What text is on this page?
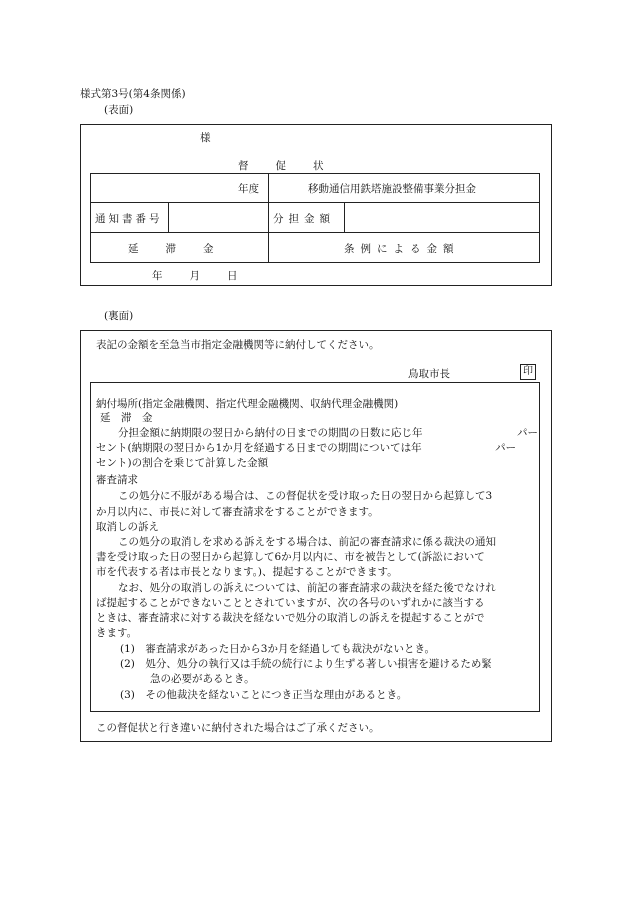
様式第3号(第4条関係)
(表面)
様
督　　促　　状
年度	移動通信用鉄塔施設整備事業分担金
通知書番号	分担金額
延　　滞　　金	条例による金額
年　　月　　日
(裏面)
表記の金額を至急当市指定金融機関等に納付してください。
鳥取市長	印
納付場所(指定金融機関、指定代理金融機関、収納代理金融機関)
延　滞　金
分担金額に納期限の翌日から納付の日までの期間の日数に応じ年　　　　　　　　　パー
セント(納期限の翌日から1か月を経過する日までの期間については年　　　　　　　パー
セント)の割合を乗じて計算した金額
審査請求
この処分に不服がある場合は、この督促状を受け取った日の翌日から起算して3
か月以内に、市長に対して審査請求をすることができます。
取消しの訴え
この処分の取消しを求める訴えをする場合は、前記の審査請求に係る裁決の通知
書を受け取った日の翌日から起算して6か月以内に、市を被告として(訴訟において
市を代表する者は市長となります。)、提起することができます。
なお、処分の取消しの訴えについては、前記の審査請求の裁決を経た後でなけれ
ば提起することができないこととされていますが、次の各号のいずれかに該当する
ときは、審査請求に対する裁決を経ないで処分の取消しの訴えを提起することがで
きます。
(1)　審査請求があった日から3か月を経過しても裁決がないとき。
(2)　処分、処分の執行又は手続の続行により生ずる著しい損害を避けるため緊
急の必要があるとき。
(3)　その他裁決を経ないことにつき正当な理由があるとき。
この督促状と行き違いに納付された場合はご了承ください。
